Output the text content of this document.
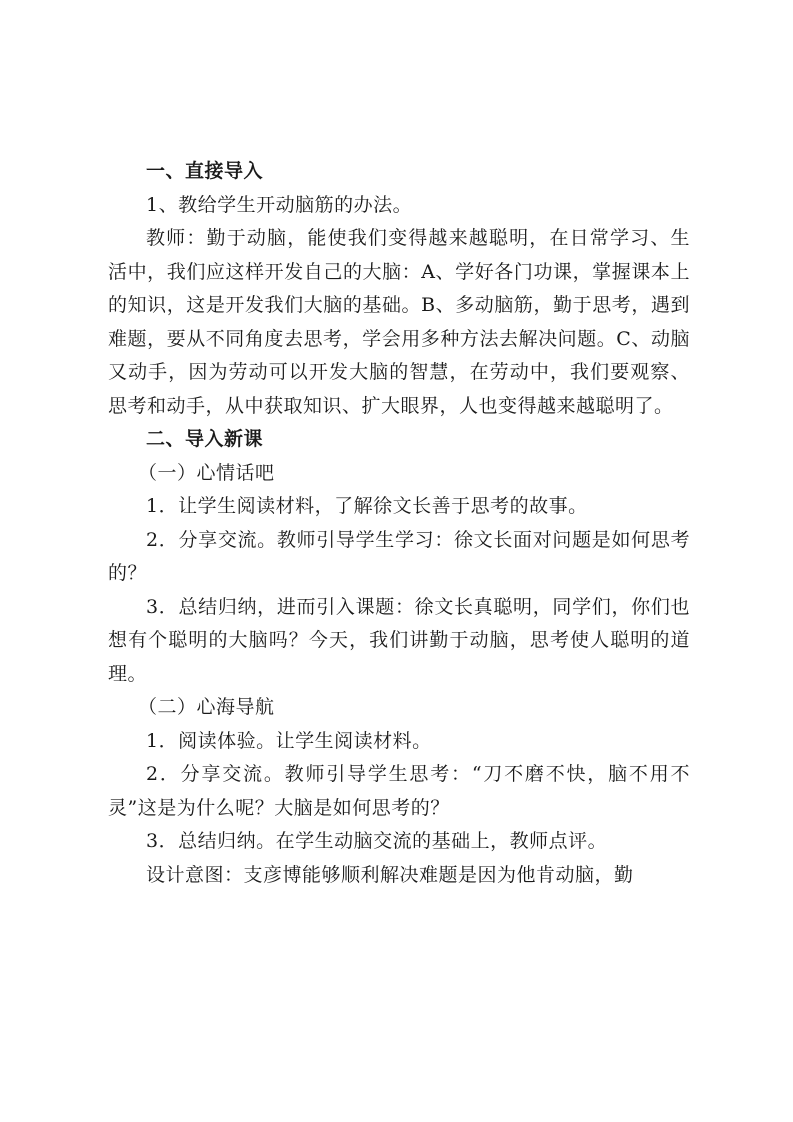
一、直接导入

1、教给学生开动脑筋的办法。

教师：勤于动脑，能使我们变得越来越聪明，在日常学习、生活中，我们应这样开发自己的大脑：A、学好各门功课，掌握课本上的知识，这是开发我们大脑的基础。B、多动脑筋，勤于思考，遇到难题，要从不同角度去思考，学会用多种方法去解决问题。C、动脑又动手，因为劳动可以开发大脑的智慧，在劳动中，我们要观察、思考和动手，从中获取知识、扩大眼界，人也变得越来越聪明了。

二、导入新课

（一）心情话吧

1．让学生阅读材料，了解徐文长善于思考的故事。

2．分享交流。教师引导学生学习：徐文长面对问题是如何思考的？

3．总结归纳，进而引入课题：徐文长真聪明，同学们，你们也想有个聪明的大脑吗？今天，我们讲勤于动脑，思考使人聪明的道理。

（二）心海导航

1．阅读体验。让学生阅读材料。

2．分享交流。教师引导学生思考：“刀不磨不快，脑不用不灵”这是为什么呢？大脑是如何思考的？

3．总结归纳。在学生动脑交流的基础上，教师点评。

设计意图：支彦博能够顺利解决难题是因为他肯动脑，勤
